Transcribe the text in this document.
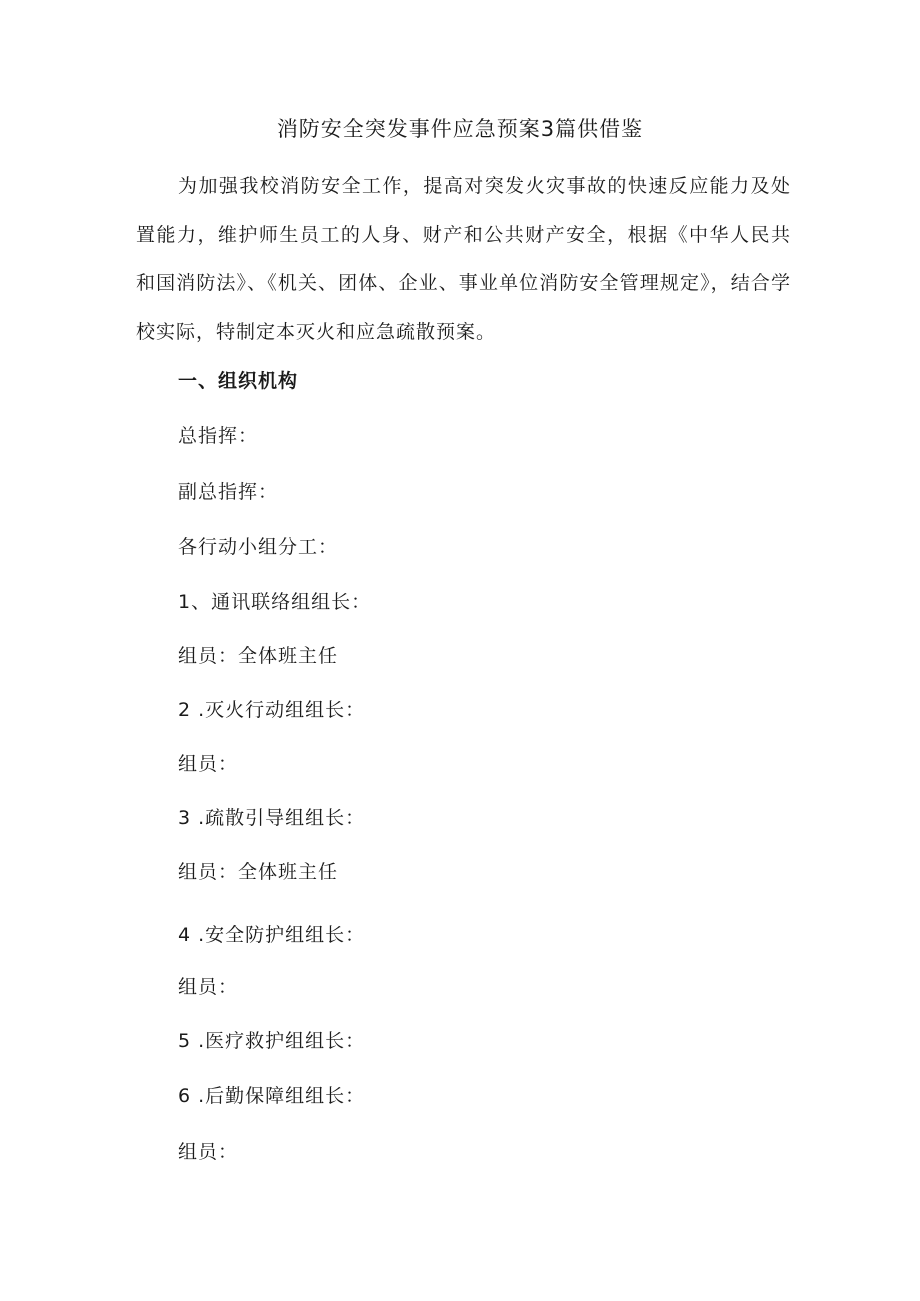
消防安全突发事件应急预案3篇供借鉴

为加强我校消防安全工作，提高对突发火灾事故的快速反应能力及处置能力，维护师生员工的人身、财产和公共财产安全，根据《中华人民共和国消防法》、《机关、团体、企业、事业单位消防安全管理规定》，结合学校实际，特制定本灭火和应急疏散预案。

一、组织机构
总指挥：
副总指挥：
各行动小组分工：
1、通讯联络组组长：
组员：全体班主任
2 .灭火行动组组长：
组员：
3 .疏散引导组组长：
组员：全体班主任
4 .安全防护组组长：
组员：
5 .医疗救护组组长：
6 .后勤保障组组长：
组员：
